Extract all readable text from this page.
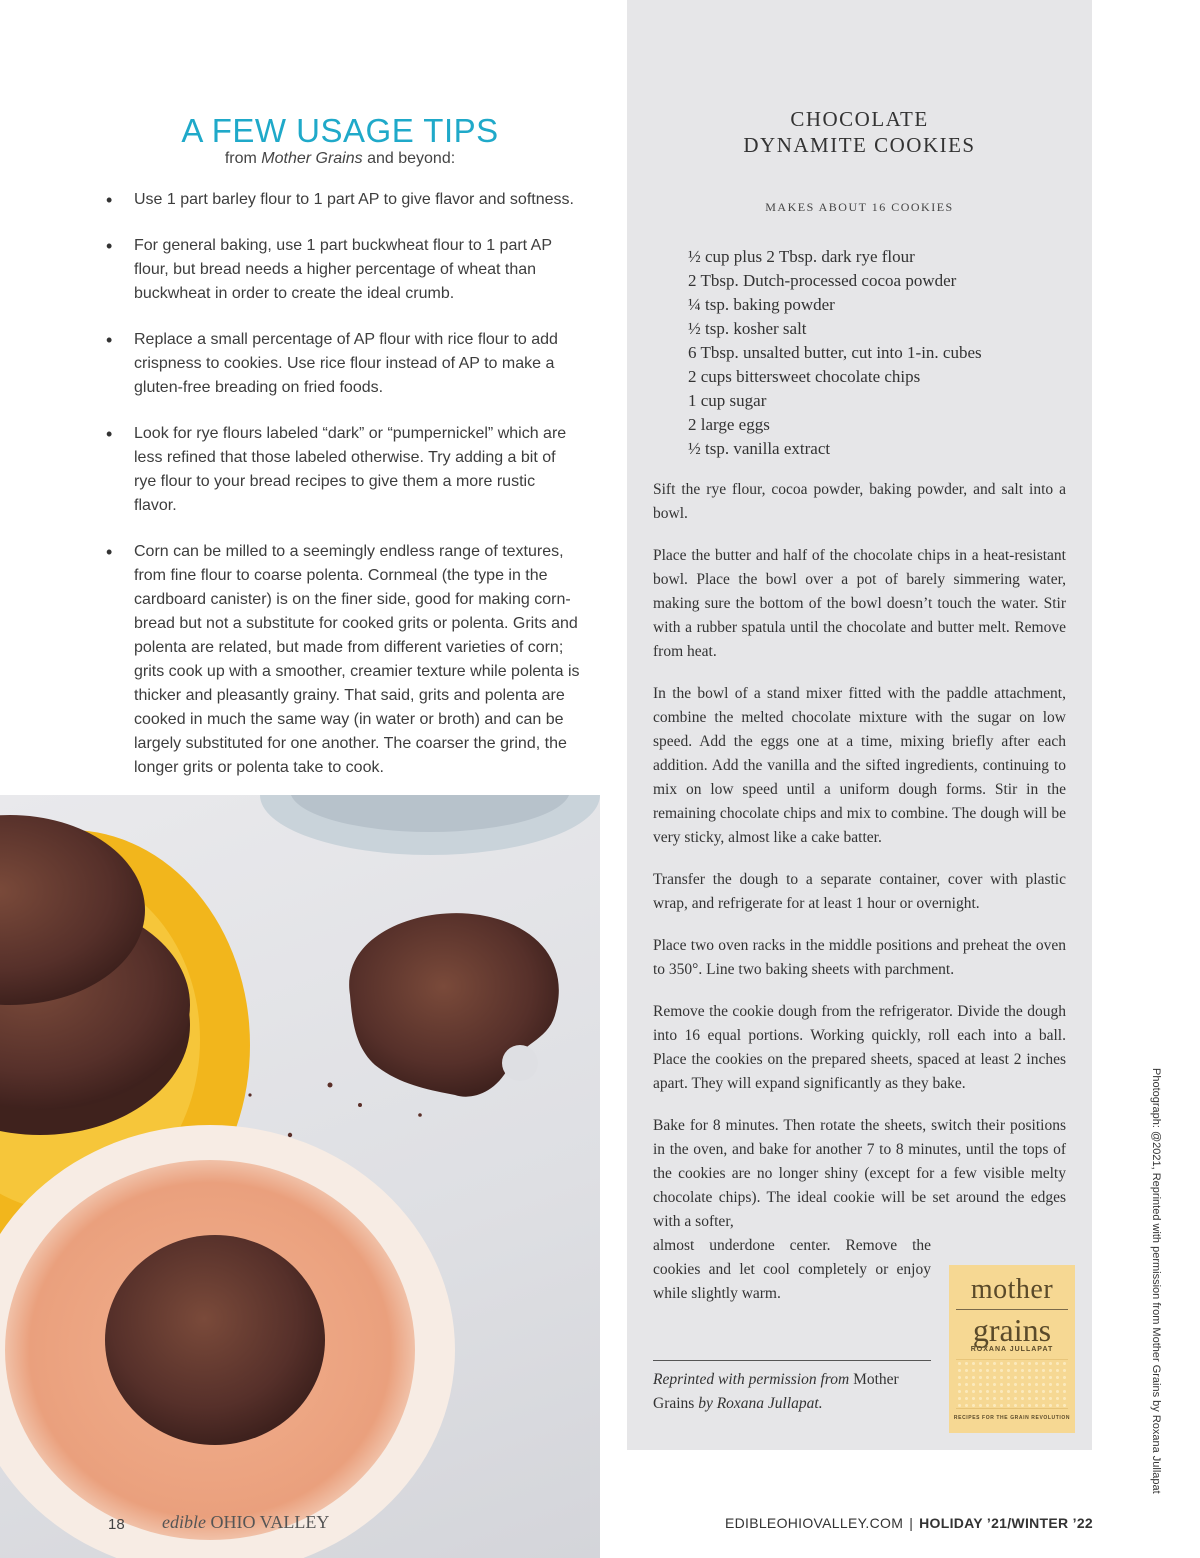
A FEW USAGE TIPS
from Mother Grains and beyond:
• Use 1 part barley flour to 1 part AP to give flavor and softness.
• For general baking, use 1 part buckwheat flour to 1 part AP flour, but bread needs a higher percentage of wheat than buckwheat in order to create the ideal crumb.
• Replace a small percentage of AP flour with rice flour to add crispness to cookies. Use rice flour instead of AP to make a gluten-free breading on fried foods.
• Look for rye flours labeled “dark” or “pumpernickel” which are less refined that those labeled otherwise. Try adding a bit of rye flour to your bread recipes to give them a more rustic flavor.
• Corn can be milled to a seemingly endless range of textures, from fine flour to coarse polenta. Cornmeal (the type in the cardboard canister) is on the finer side, good for making corn-bread but not a substitute for cooked grits or polenta. Grits and polenta are related, but made from different varieties of corn; grits cook up with a smoother, creamier texture while polenta is thicker and pleasantly grainy. That said, grits and polenta are cooked in much the same way (in water or broth) and can be largely substituted for one another. The coarser the grind, the longer grits or polenta take to cook.
18 edible OHIO VALLEY
CHOCOLATE
DYNAMITE COOKIES
MAKES ABOUT 16 COOKIES
½ cup plus 2 Tbsp. dark rye flour
2 Tbsp. Dutch-processed cocoa powder
¼ tsp. baking powder
½ tsp. kosher salt
6 Tbsp. unsalted butter, cut into 1-in. cubes
2 cups bittersweet chocolate chips
1 cup sugar
2 large eggs
½ tsp. vanilla extract

Sift the rye flour, cocoa powder, baking powder, and salt into a bowl.

Place the butter and half of the chocolate chips in a heat-resistant bowl. Place the bowl over a pot of barely simmering water, making sure the bottom of the bowl doesn’t touch the water. Stir with a rubber spatula until the chocolate and butter melt. Remove from heat.

In the bowl of a stand mixer fitted with the paddle attachment, combine the melted chocolate mixture with the sugar on low speed. Add the eggs one at a time, mixing briefly after each addition. Add the vanilla and the sifted ingredients, continuing to mix on low speed until a uniform dough forms. Stir in the remaining chocolate chips and mix to combine. The dough will be very sticky, almost like a cake batter.

Transfer the dough to a separate container, cover with plastic wrap, and refrigerate for at least 1 hour or overnight.

Place two oven racks in the middle positions and preheat the oven to 350°. Line two baking sheets with parchment.

Remove the cookie dough from the refrigerator. Divide the dough into 16 equal portions. Working quickly, roll each into a ball. Place the cookies on the prepared sheets, spaced at least 2 inches apart. They will expand significantly as they bake.

Bake for 8 minutes. Then rotate the sheets, switch their positions in the oven, and bake for another 7 to 8 minutes, until the tops of the cookies are no longer shiny (except for a few visible melty chocolate chips). The ideal cookie will be set around the edges with a softer,

almost underdone center. Remove the cookies and let cool completely or enjoy while slightly warm.

Reprinted with permission from Mother Grains by Roxana Jullapat.
mother
grains
ROXANA JULLAPAT
RECIPES FOR THE GRAIN REVOLUTION
EDIBLEOHIOVALLEY.COM | HOLIDAY ’21/WINTER ’22
Photograph: @2021, Reprinted with permission from Mother Grains by Roxana Jullapat
